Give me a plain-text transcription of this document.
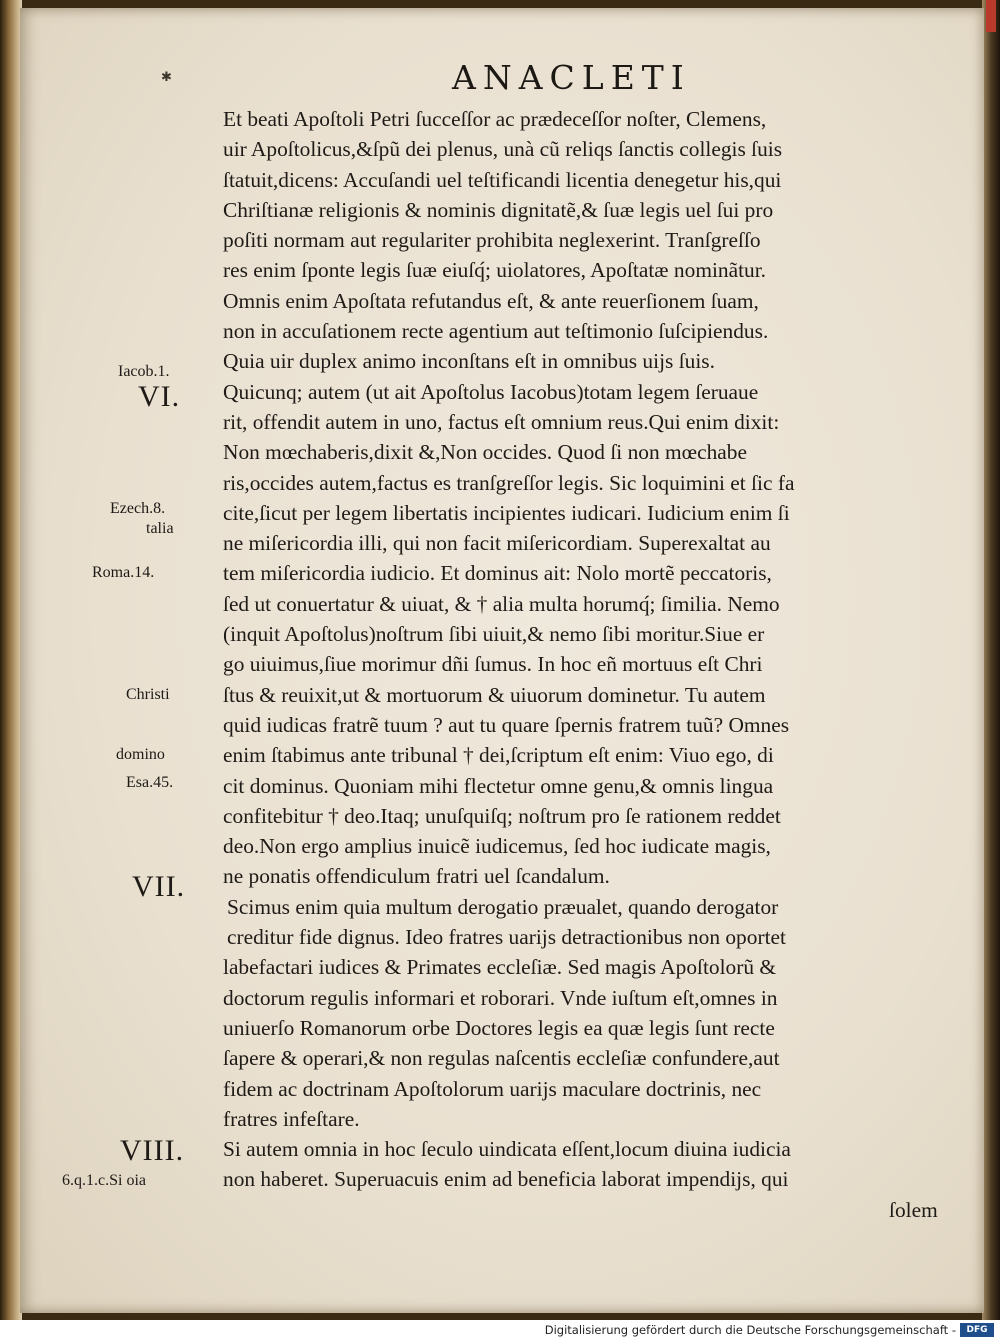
✱	ANACLETI
Et beati Apoſtoli Petri ſucceſſor ac prædeceſſor noſter, Clemens,
uir Apoſtolicus,&ſpũ dei plenus, unà cũ reliqs ſanctis collegis ſuis
ſtatuit,dicens: Accuſandi uel teſtificandi licentia denegetur his,qui
Chriſtianæ religionis & nominis dignitatẽ,& ſuæ legis uel ſui pro
poſiti normam aut regulariter prohibita neglexerint. Tranſgreſſo
res enim ſponte legis ſuæ eiuſq́; uiolatores, Apoſtatæ nominãtur.
Omnis enim Apoſtata refutandus eſt, & ante reuerſionem ſuam,
non in accuſationem recte agentium aut teſtimonio ſuſcipiendus.
Quia uir duplex animo inconſtans eſt in omnibus uijs ſuis.
Quicunq; autem (ut ait Apoſtolus Iacobus)totam legem ſeruaue
rit, offendit autem in uno, factus eſt omnium reus.Qui enim dixit:
Non mœchaberis,dixit &,Non occides. Quod ſi non mœchabe
ris,occides autem,factus es tranſgreſſor legis. Sic loquimini et ſic fa
cite,ſicut per legem libertatis incipientes iudicari. Iudicium enim ſi
ne miſericordia illi, qui non facit miſericordiam. Superexaltat au
tem miſericordia iudicio. Et dominus ait: Nolo mortẽ peccatoris,
ſed ut conuertatur & uiuat, & † alia multa horumq́; ſimilia. Nemo
(inquit Apoſtolus)noſtrum ſibi uiuit,& nemo ſibi moritur.Siue er
go uiuimus,ſiue morimur dñi ſumus. In hoc eñ mortuus eſt Chri
ſtus & reuixit,ut & mortuorum & uiuorum dominetur. Tu autem
quid iudicas fratrẽ tuum ? aut tu quare ſpernis fratrem tuũ? Omnes
enim ſtabimus ante tribunal † dei,ſcriptum eſt enim: Viuo ego, di
cit dominus. Quoniam mihi flectetur omne genu,& omnis lingua
confitebitur † deo.Itaq; unuſquiſq; noſtrum pro ſe rationem reddet
deo.Non ergo amplius inuicẽ iudicemus, ſed hoc iudicate magis,
ne ponatis offendiculum fratri uel ſcandalum.
Scimus enim quia multum derogatio præualet, quando derogator
creditur fide dignus. Ideo fratres uarijs detractionibus non oportet
labefactari iudices & Primates eccleſiæ. Sed magis Apoſtolorũ &
doctorum regulis informari et roborari. Vnde iuſtum eſt,omnes in
uniuerſo Romanorum orbe Doctores legis ea quæ legis ſunt recte
ſapere & operari,& non regulas naſcentis eccleſiæ confundere,aut
fidem ac doctrinam Apoſtolorum uarijs maculare doctrinis, nec
fratres infeſtare.
Si autem omnia in hoc ſeculo uindicata eſſent,locum diuina iudicia
non haberet. Superuacuis enim ad beneficia laborat impendijs, qui
ſolem
Iacob.1.
VI.
Ezech.8.
talia
Roma.14.
Christi
domino
Esa.45.
VII.
VIII.
6.q.1.c.Si oia
Digitalisierung gefördert durch die Deutsche Forschungsgemeinschaft -	DFG
